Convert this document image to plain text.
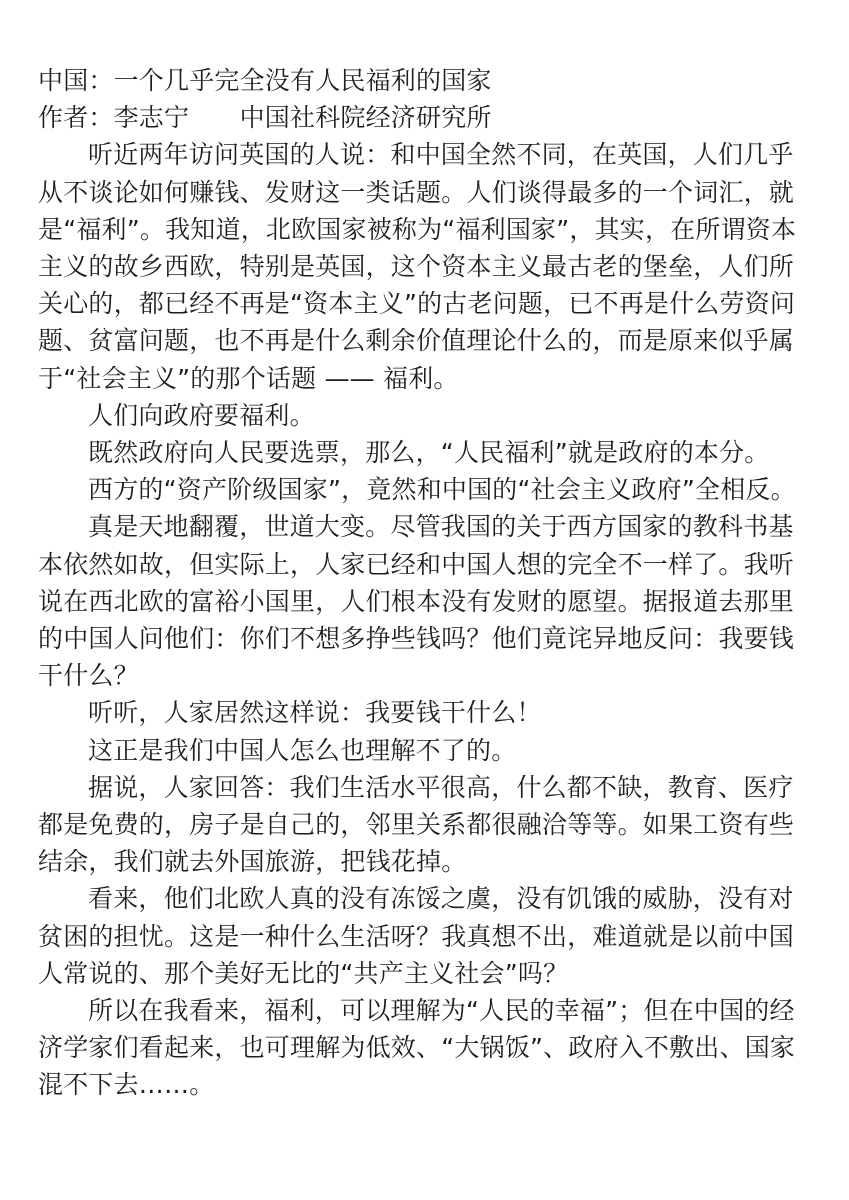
中国：一个几乎完全没有人民福利的国家

作者：李志宁　　中国社科院经济研究所

听近两年访问英国的人说：和中国全然不同，在英国，人们几乎从不谈论如何赚钱、发财这一类话题。人们谈得最多的一个词汇，就是“福利”。我知道，北欧国家被称为“福利国家”，其实，在所谓资本主义的故乡西欧，特别是英国，这个资本主义最古老的堡垒，人们所关心的，都已经不再是“资本主义”的古老问题，已不再是什么劳资问题、贫富问题，也不再是什么剩余价值理论什么的，而是原来似乎属于“社会主义”的那个话题 —— 福利。

人们向政府要福利。

既然政府向人民要选票，那么，“人民福利”就是政府的本分。

西方的“资产阶级国家”，竟然和中国的“社会主义政府”全相反。

真是天地翻覆，世道大变。尽管我国的关于西方国家的教科书基本依然如故，但实际上，人家已经和中国人想的完全不一样了。我听说在西北欧的富裕小国里，人们根本没有发财的愿望。据报道去那里的中国人问他们：你们不想多挣些钱吗？他们竟诧异地反问：我要钱干什么？

听听，人家居然这样说：我要钱干什么！

这正是我们中国人怎么也理解不了的。

据说，人家回答：我们生活水平很高，什么都不缺，教育、医疗都是免费的，房子是自己的，邻里关系都很融洽等等。如果工资有些结余，我们就去外国旅游，把钱花掉。

看来，他们北欧人真的没有冻馁之虞，没有饥饿的威胁，没有对贫困的担忧。这是一种什么生活呀？我真想不出，难道就是以前中国人常说的、那个美好无比的“共产主义社会”吗？

所以在我看来，福利，可以理解为“人民的幸福”；但在中国的经济学家们看起来，也可理解为低效、“大锅饭”、政府入不敷出、国家混不下去……。
